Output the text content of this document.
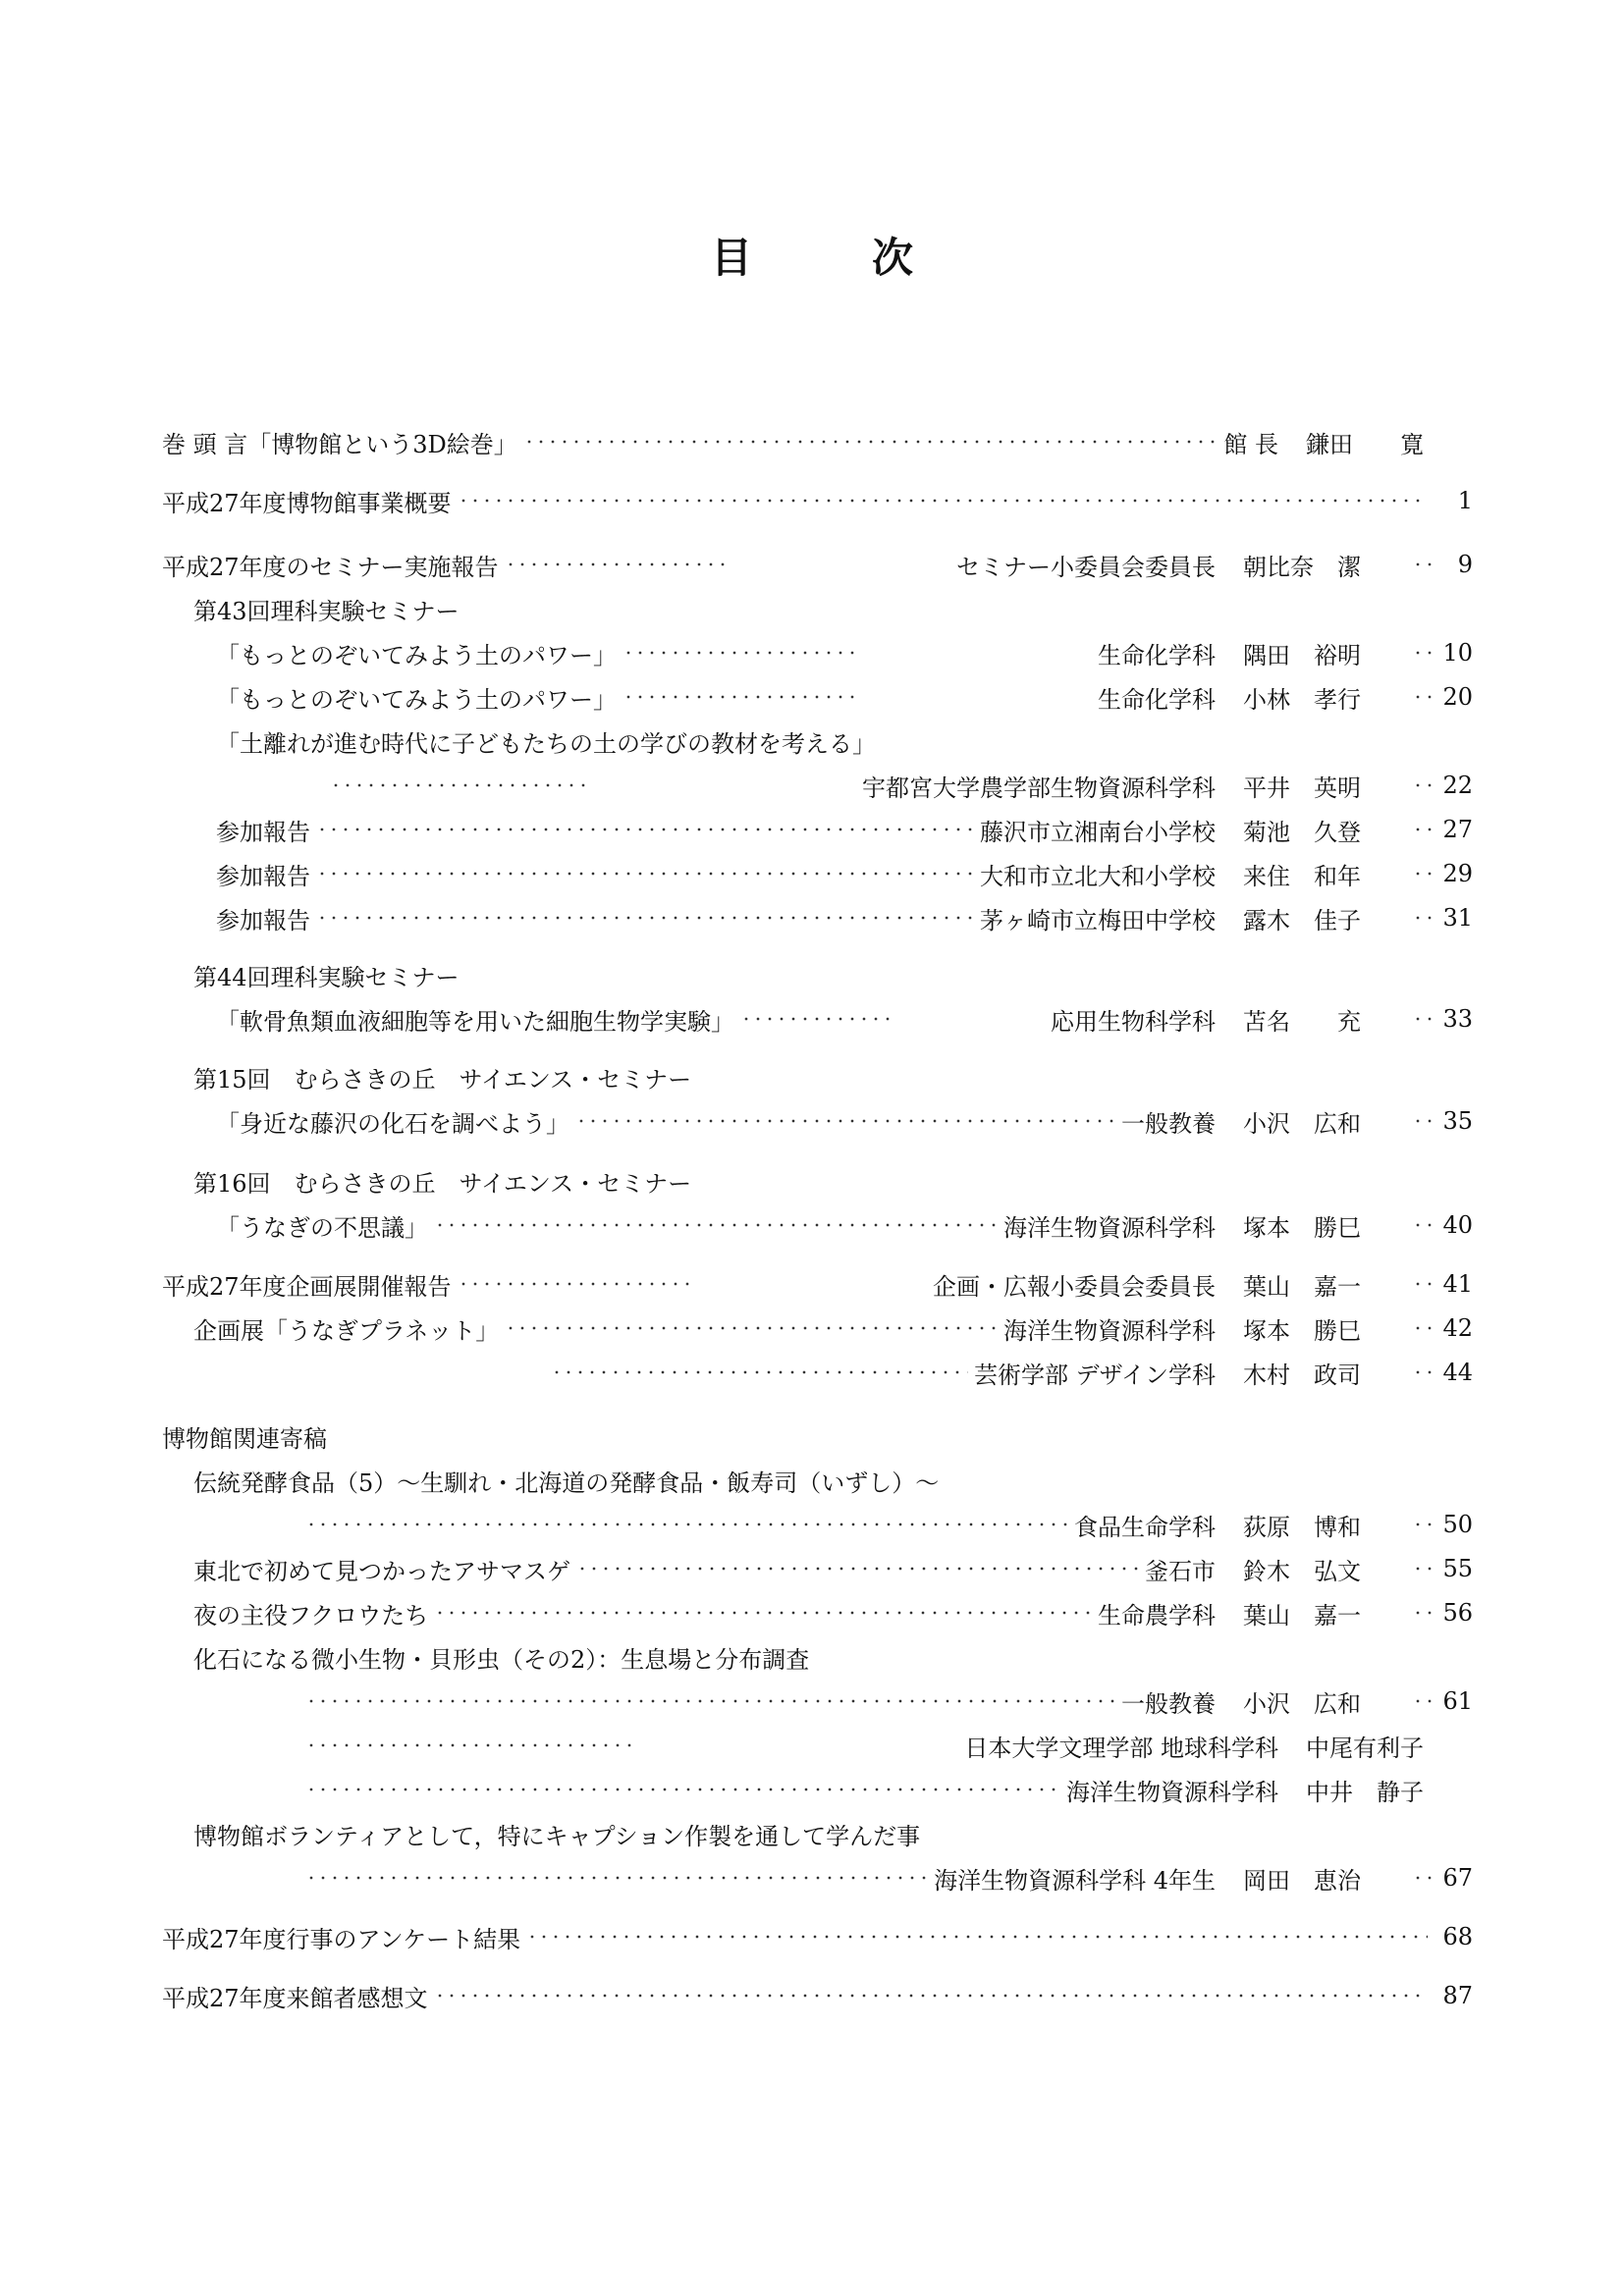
目　次
巻 頭 言「博物館という3D絵巻」	館 長 鎌田　　寛
平成27年度博物館事業概要	1
平成27年度のセミナー実施報告	セミナー小委員会委員長 朝比奈　潔	9
第43回理科実験セミナー
「もっとのぞいてみよう土のパワー」	生命化学科 隅田　裕明	10
「もっとのぞいてみよう土のパワー」	生命化学科 小林　孝行	20
「土離れが進む時代に子どもたちの土の学びの教材を考える」
宇都宮大学農学部生物資源科学科 平井　英明	22
参加報告	藤沢市立湘南台小学校 菊池　久登	27
参加報告	大和市立北大和小学校 来住　和年	29
参加報告	茅ヶ崎市立梅田中学校 露木　佳子	31
第44回理科実験セミナー
「軟骨魚類血液細胞等を用いた細胞生物学実験」	応用生物科学科 苫名　　充	33
第15回　むらさきの丘　サイエンス・セミナー
「身近な藤沢の化石を調べよう」	一般教養 小沢　広和	35
第16回　むらさきの丘　サイエンス・セミナー
「うなぎの不思議」	海洋生物資源科学科 塚本　勝巳	40
平成27年度企画展開催報告	企画・広報小委員会委員長 葉山　嘉一	41
企画展「うなぎプラネット」	海洋生物資源科学科 塚本　勝巳	42
芸術学部 デザイン学科 木村　政司	44
博物館関連寄稿
伝統発酵食品（5）～生馴れ・北海道の発酵食品・飯寿司（いずし）～
食品生命学科 荻原　博和	50
東北で初めて見つかったアサマスゲ	釜石市 鈴木　弘文	55
夜の主役フクロウたち	生命農学科 葉山　嘉一	56
化石になる微小生物・貝形虫（その2）：生息場と分布調査
一般教養 小沢　広和	61
日本大学文理学部 地球科学科 中尾有利子
海洋生物資源科学科 中井　静子
博物館ボランティアとして，特にキャプション作製を通して学んだ事
海洋生物資源科学科 4年生 岡田　恵治	67
平成27年度行事のアンケート結果	68
平成27年度来館者感想文	87
